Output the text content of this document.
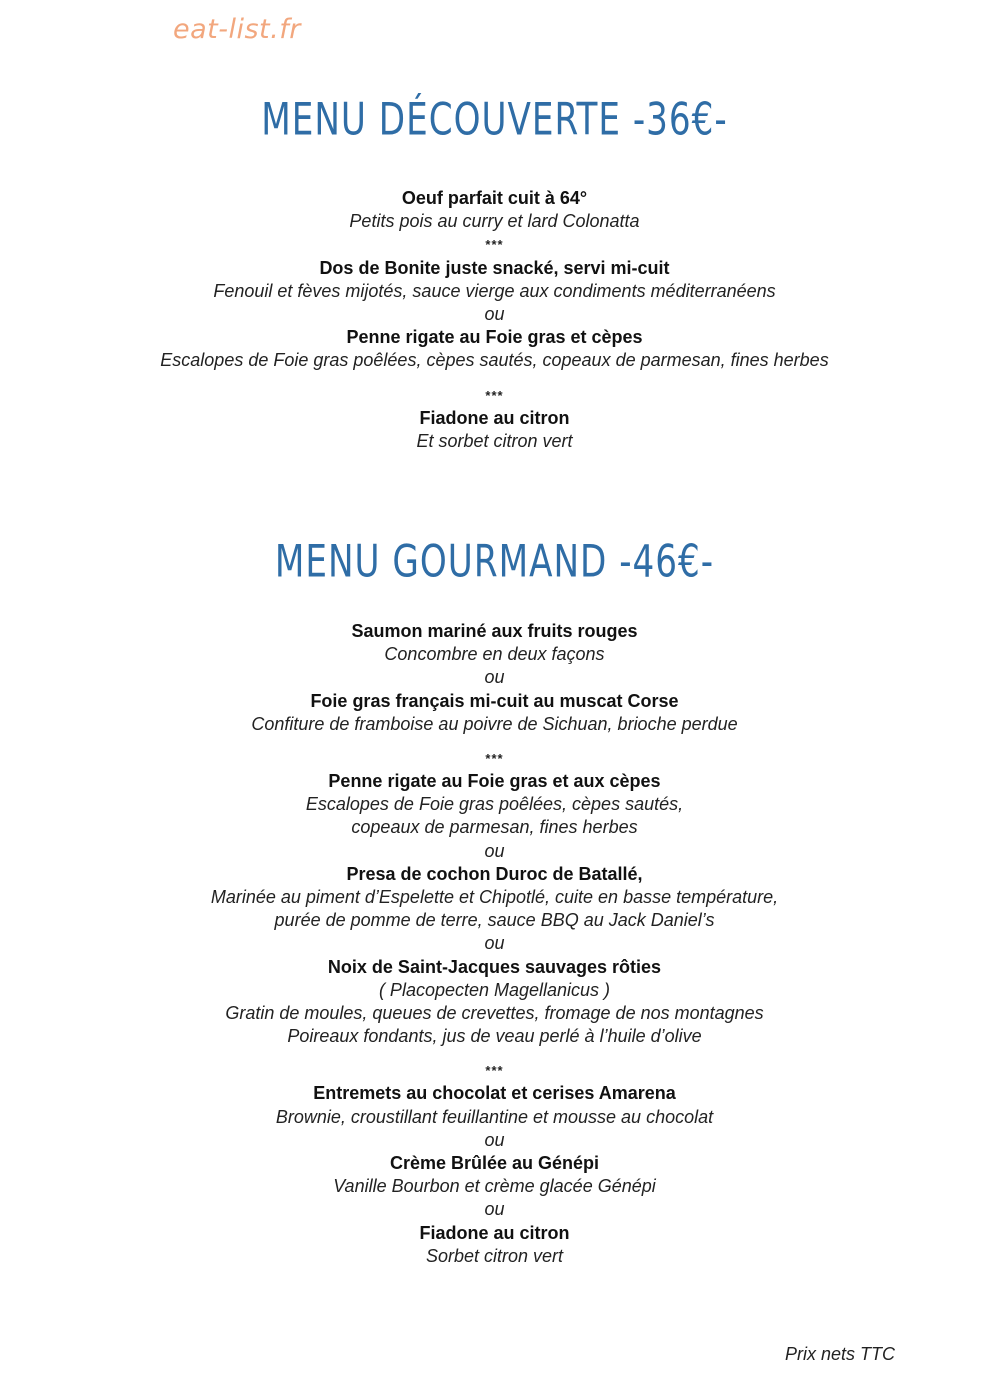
eat-list.fr
MENU DÉCOUVERTE -36€-
Oeuf parfait cuit à 64°
Petits pois au curry et lard Colonatta
***
Dos de Bonite juste snacké, servi mi-cuit
Fenouil et fèves mijotés, sauce vierge aux condiments méditerranéens
ou
Penne rigate au Foie gras et cèpes
Escalopes de Foie gras poêlées, cèpes sautés, copeaux de parmesan, fines herbes
***
Fiadone au citron
Et sorbet citron vert
MENU GOURMAND -46€-
Saumon mariné aux fruits rouges
Concombre en deux façons
ou
Foie gras français mi-cuit au muscat Corse
Confiture de framboise au poivre de Sichuan, brioche perdue
***
Penne rigate au Foie gras et aux cèpes
Escalopes de Foie gras poêlées, cèpes sautés,
copeaux de parmesan, fines herbes
ou
Presa de cochon Duroc de Batallé,
Marinée au piment d’Espelette et Chipotlé, cuite en basse température,
purée de pomme de terre, sauce BBQ au Jack Daniel’s
ou
Noix de Saint-Jacques sauvages rôties
( Placopecten Magellanicus )
Gratin de moules, queues de crevettes, fromage de nos montagnes
Poireaux fondants, jus de veau perlé à l’huile d’olive
***
Entremets au chocolat et cerises Amarena
Brownie, croustillant feuillantine et mousse au chocolat
ou
Crème Brûlée au Génépi
Vanille Bourbon et crème glacée Génépi
ou
Fiadone au citron
Sorbet citron vert
Prix nets TTC
